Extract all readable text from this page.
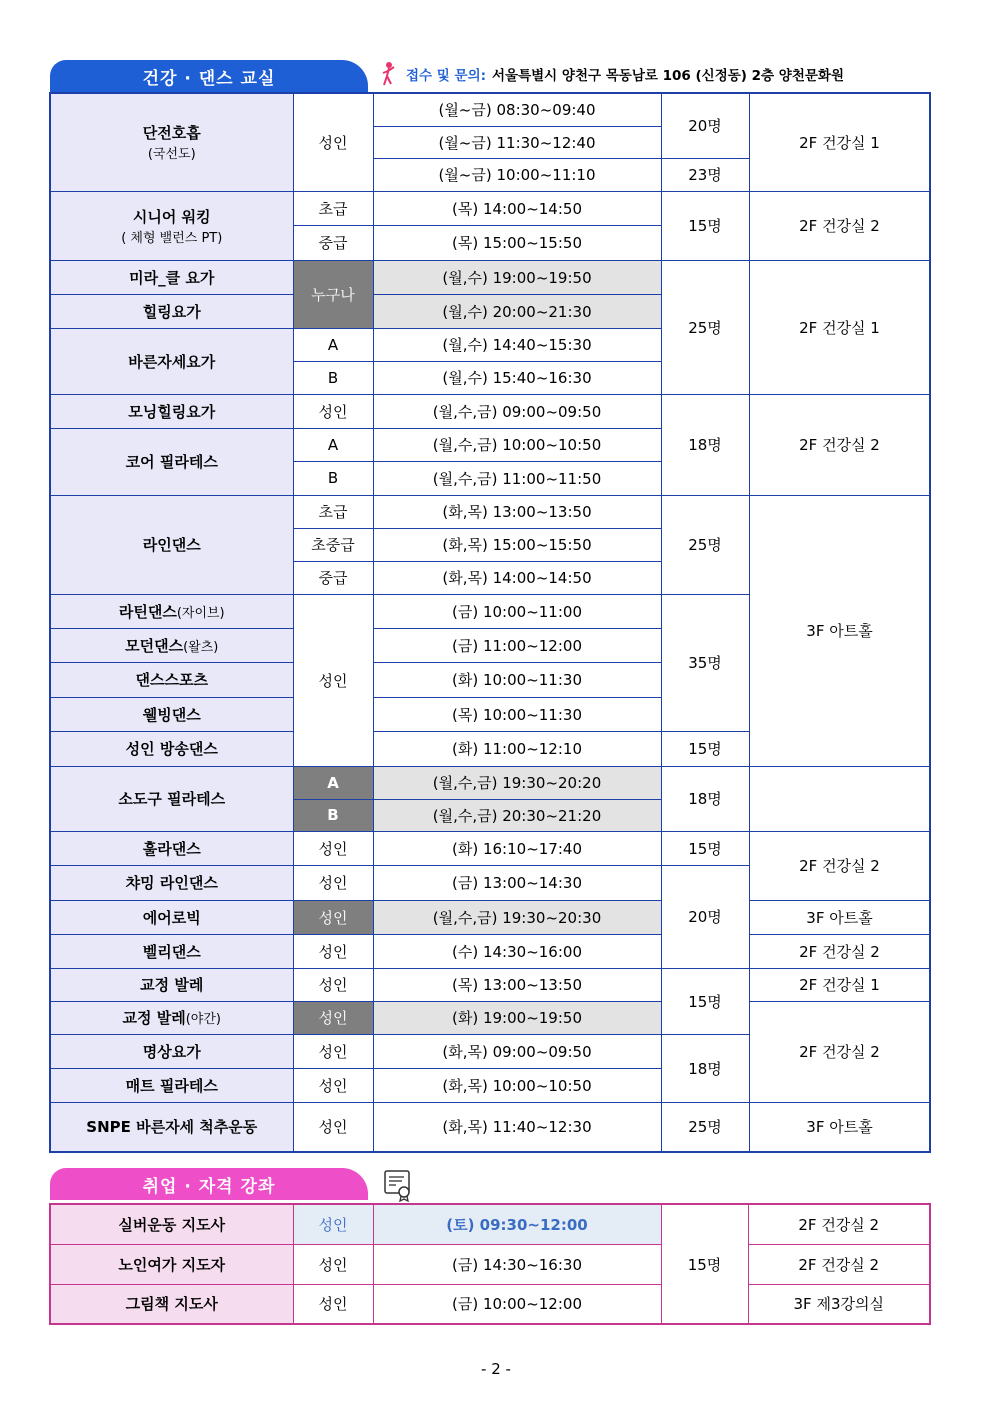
건강 · 댄스 교실	접수 및 문의: 서울특별시 양천구 목동남로 106 (신정동) 2층 양천문화원
단전호흡
(국선도)	성인	(월~금) 08:30~09:40	20명	2F 건강실 1	
		(월~금) 11:30~12:40			
		(월~금) 10:00~11:10	23명		

시니어 워킹
( 체형 밸런스 PT)	초급	(목) 14:00~14:50	15명	2F 건강실 2	
	중급	(목) 15:00~15:50			
미라_클 요가	누구나	(월,수) 19:00~19:50	25명	2F 건강실 1	
힐링요가		(월,수) 20:00~21:30			
바른자세요가	A	(월,수) 14:40~15:30			
	B	(월,수) 15:40~16:30			
모닝힐링요가	성인	(월,수,금) 09:00~09:50	18명	2F 건강실 2	
코어 필라테스	A	(월,수,금) 10:00~10:50			
	B	(월,수,금) 11:00~11:50			
라인댄스	초급	(화,목) 13:00~13:50	25명	3F 아트홀	
	초중급	(화,목) 15:00~15:50			
	중급	(화,목) 14:00~14:50			
라틴댄스(자이브)	성인	(금) 10:00~11:00	35명		
모던댄스(왈츠)		(금) 11:00~12:00			
댄스스포츠		(화) 10:00~11:30			
웰빙댄스		(목) 10:00~11:30			
성인 방송댄스		(화) 11:00~12:10	15명	
소도구 필라테스	A	(월,수,금) 19:30~20:20	18명		
	B	(월,수,금) 20:30~21:20			
훌라댄스	성인	(화) 16:10~17:40	15명	2F 건강실 2	
챠밍 라인댄스	성인	(금) 13:00~14:30	20명		
에어로빅	성인	(월,수,금) 19:30~20:30		3F 아트홀	
벨리댄스	성인	(수) 14:30~16:00		2F 건강실 2	
교정 발레	성인	(목) 13:00~13:50	15명	2F 건강실 1	
교정 발레(야간)	성인	(화) 19:00~19:50		2F 건강실 2	
명상요가	성인	(화,목) 09:00~09:50	18명		
매트 필라테스	성인	(화,목) 10:00~10:50			
SNPE 바른자세 척추운동	성인	(화,목) 11:40~12:30	25명	3F 아트홀	
취업 · 자격 강좌
실버운동 지도사	성인	(토) 09:30~12:00	15명	2F 건강실 2
노인여가 지도자	성인	(금) 14:30~16:30		2F 건강실 2
그림책 지도사	성인	(금) 10:00~12:00		3F 제3강의실
- 2 -
